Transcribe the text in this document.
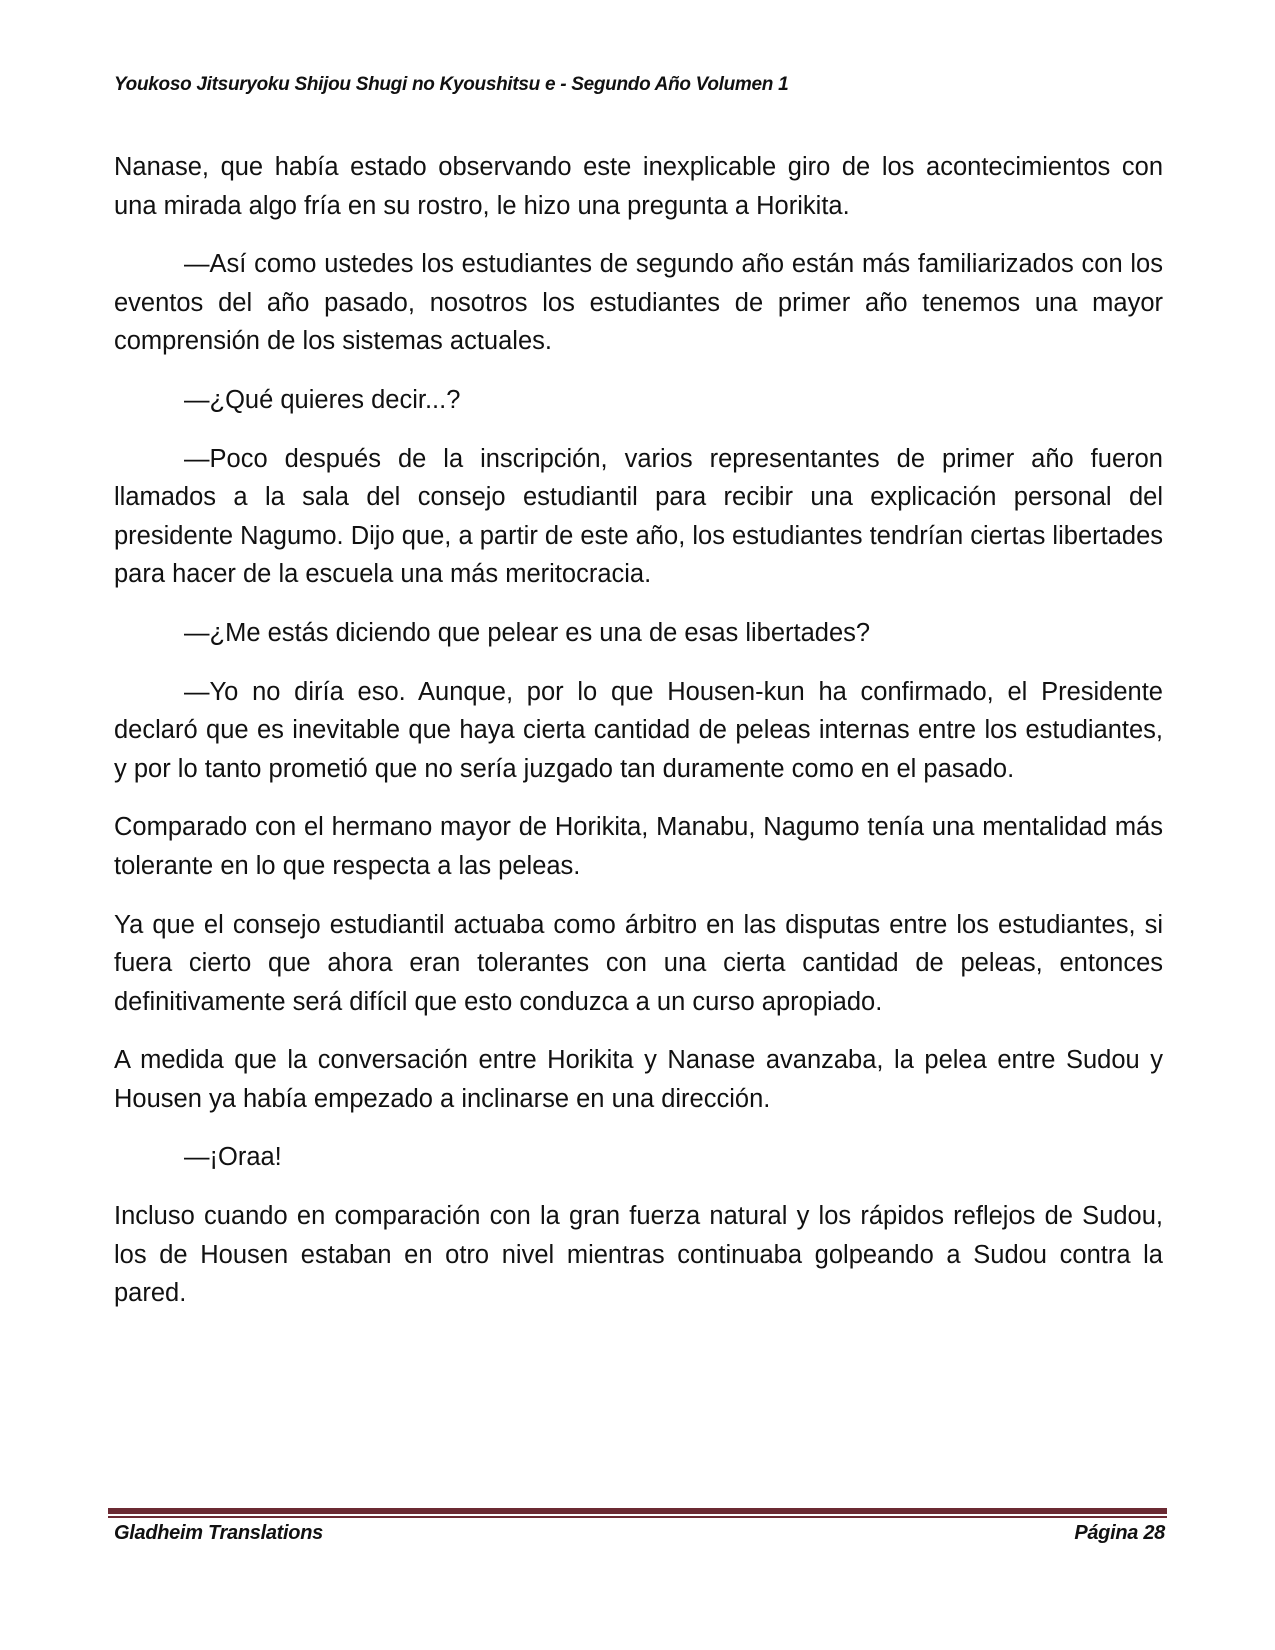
Youkoso Jitsuryoku Shijou Shugi no Kyoushitsu e - Segundo Año Volumen 1

Nanase, que había estado observando este inexplicable giro de los acontecimientos con una mirada algo fría en su rostro, le hizo una pregunta a Horikita.

—Así como ustedes los estudiantes de segundo año están más familiarizados con los eventos del año pasado, nosotros los estudiantes de primer año tenemos una mayor comprensión de los sistemas actuales.

—¿Qué quieres decir...?

—Poco después de la inscripción, varios representantes de primer año fueron llamados a la sala del consejo estudiantil para recibir una explicación personal del presidente Nagumo. Dijo que, a partir de este año, los estudiantes tendrían ciertas libertades para hacer de la escuela una más meritocracia.

—¿Me estás diciendo que pelear es una de esas libertades?

—Yo no diría eso. Aunque, por lo que Housen-kun ha confirmado, el Presidente declaró que es inevitable que haya cierta cantidad de peleas internas entre los estudiantes, y por lo tanto prometió que no sería juzgado tan duramente como en el pasado.

Comparado con el hermano mayor de Horikita, Manabu, Nagumo tenía una mentalidad más tolerante en lo que respecta a las peleas.

Ya que el consejo estudiantil actuaba como árbitro en las disputas entre los estudiantes, si fuera cierto que ahora eran tolerantes con una cierta cantidad de peleas, entonces definitivamente será difícil que esto conduzca a un curso apropiado.

A medida que la conversación entre Horikita y Nanase avanzaba, la pelea entre Sudou y Housen ya había empezado a inclinarse en una dirección.

—¡Oraa!

Incluso cuando en comparación con la gran fuerza natural y los rápidos reflejos de Sudou, los de Housen estaban en otro nivel mientras continuaba golpeando a Sudou contra la pared.

Gladheim Translations	Página 28
